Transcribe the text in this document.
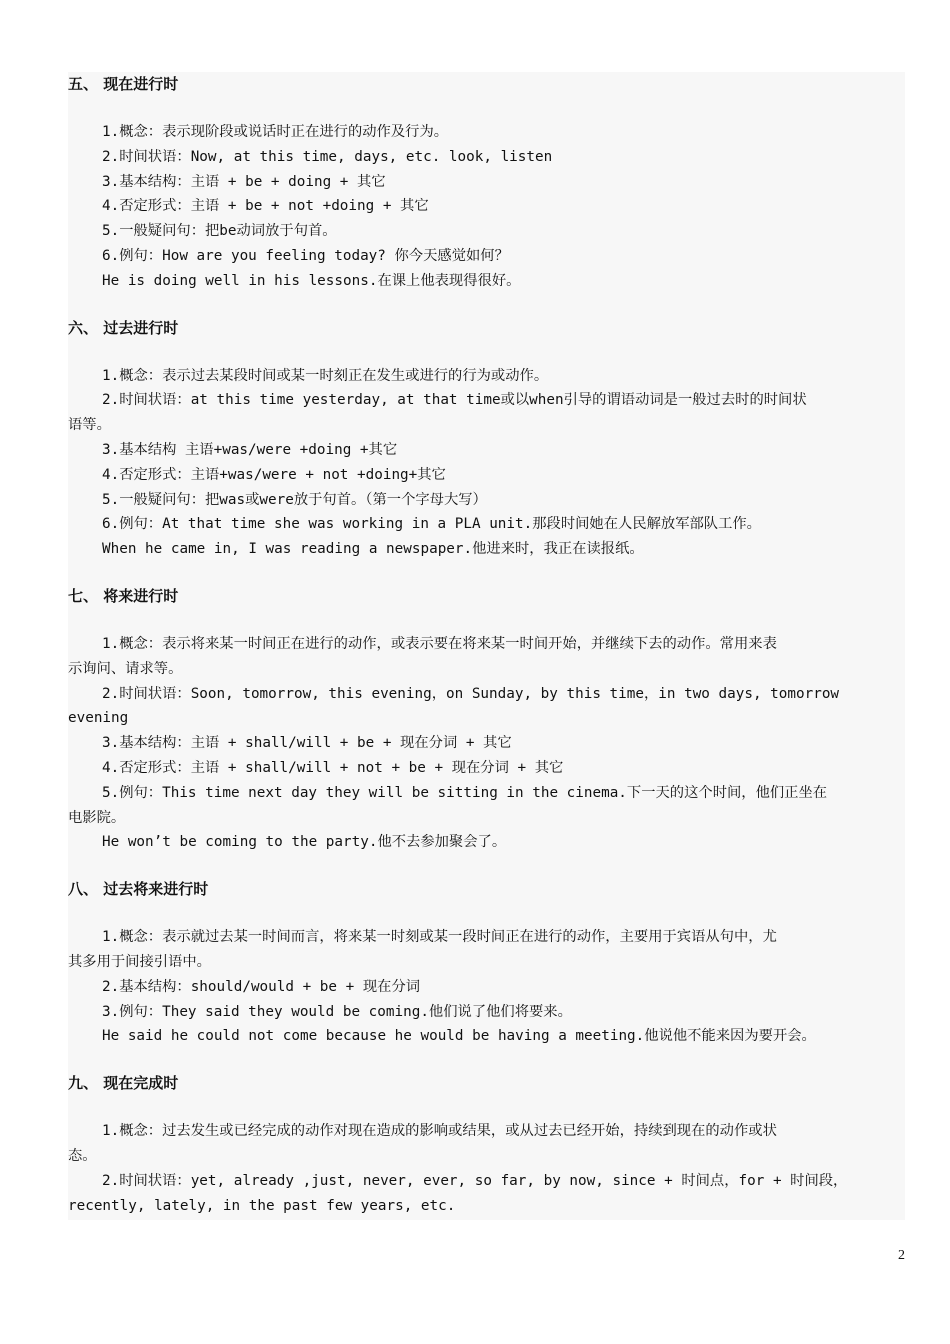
五、 现在进行时
1.概念：表示现阶段或说话时正在进行的动作及行为。
2.时间状语：Now, at this time, days, etc. look, listen
3.基本结构：主语 + be + doing + 其它
4.否定形式：主语 + be + not +doing + 其它
5.一般疑问句：把be动词放于句首。
6.例句：How are you feeling today? 你今天感觉如何？
He is doing well in his lessons.在课上他表现得很好。
六、 过去进行时
1.概念：表示过去某段时间或某一时刻正在发生或进行的行为或动作。
2.时间状语：at this time yesterday, at that time或以when引导的谓语动词是一般过去时的时间状
语等。
3.基本结构 主语+was/were +doing +其它
4.否定形式：主语+was/were + not +doing+其它
5.一般疑问句：把was或were放于句首。（第一个字母大写）
6.例句：At that time she was working in a PLA unit.那段时间她在人民解放军部队工作。
When he came in, I was reading a newspaper.他进来时，我正在读报纸。
七、 将来进行时
1.概念：表示将来某一时间正在进行的动作，或表示要在将来某一时间开始，并继续下去的动作。常用来表
示询问、请求等。
2.时间状语：Soon, tomorrow, this evening，on Sunday, by this time，in two days, tomorrow
evening
3.基本结构：主语 + shall/will + be + 现在分词 + 其它
4.否定形式：主语 + shall/will + not + be + 现在分词 + 其它
5.例句：This time next day they will be sitting in the cinema.下一天的这个时间，他们正坐在
电影院。
He won’t be coming to the party.他不去参加聚会了。
八、 过去将来进行时
1.概念：表示就过去某一时间而言，将来某一时刻或某一段时间正在进行的动作，主要用于宾语从句中，尤
其多用于间接引语中。
2.基本结构：should/would + be + 现在分词
3.例句：They said they would be coming.他们说了他们将要来。
He said he could not come because he would be having a meeting.他说他不能来因为要开会。
九、 现在完成时
1.概念：过去发生或已经完成的动作对现在造成的影响或结果，或从过去已经开始，持续到现在的动作或状
态。
2.时间状语：yet, already ,just, never, ever, so far, by now, since + 时间点，for + 时间段，
recently, lately, in the past few years, etc.
2
